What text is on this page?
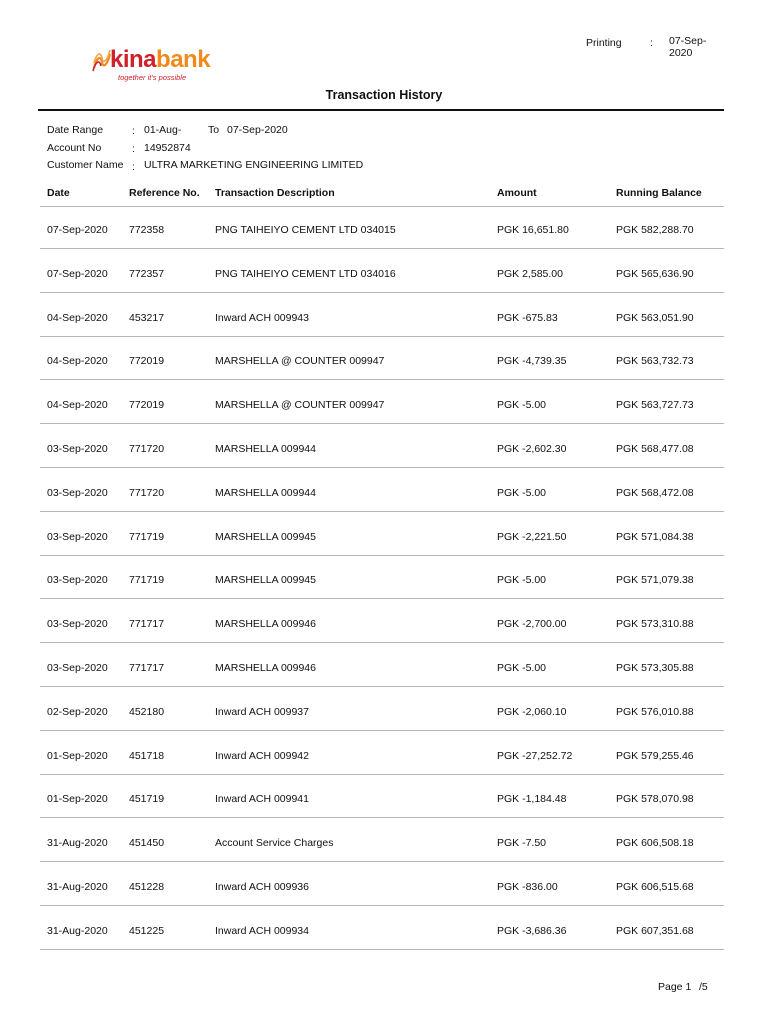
kinabank
together it's possible
Printing	: 07-Sep-2020
Transaction History
Date Range	: 01-Aug-	To 07-Sep-2020
Account No	: 14952874
Customer Name : ULTRA MARKETING ENGINEERING LIMITED
Date	Reference No. Transaction Description	Amount	Running Balance
07-Sep-2020 772358	PNG TAIHEIYO CEMENT LTD 034015	PGK 16,651.80	PGK 582,288.70
07-Sep-2020 772357	PNG TAIHEIYO CEMENT LTD 034016	PGK 2,585.00	PGK 565,636.90
04-Sep-2020 453217	Inward ACH 009943	PGK -675.83	PGK 563,051.90
04-Sep-2020 772019	MARSHELLA @ COUNTER 009947	PGK -4,739.35	PGK 563,732.73
04-Sep-2020 772019	MARSHELLA @ COUNTER 009947	PGK -5.00	PGK 563,727.73
03-Sep-2020 771720	MARSHELLA 009944	PGK -2,602.30	PGK 568,477.08
03-Sep-2020 771720	MARSHELLA 009944	PGK -5.00	PGK 568,472.08
03-Sep-2020 771719	MARSHELLA 009945	PGK -2,221.50	PGK 571,084.38
03-Sep-2020 771719	MARSHELLA 009945	PGK -5.00	PGK 571,079.38
03-Sep-2020 771717	MARSHELLA 009946	PGK -2,700.00	PGK 573,310.88
03-Sep-2020 771717	MARSHELLA 009946	PGK -5.00	PGK 573,305.88
02-Sep-2020 452180	Inward ACH 009937	PGK -2,060.10	PGK 576,010.88
01-Sep-2020 451718	Inward ACH 009942	PGK -27,252.72	PGK 579,255.46
01-Sep-2020 451719	Inward ACH 009941	PGK -1,184.48	PGK 578,070.98
31-Aug-2020 451450	Account Service Charges	PGK -7.50	PGK 606,508.18
31-Aug-2020 451228	Inward ACH 009936	PGK -836.00	PGK 606,515.68
31-Aug-2020 451225	Inward ACH 009934	PGK -3,686.36	PGK 607,351.68
Page 1 /5
